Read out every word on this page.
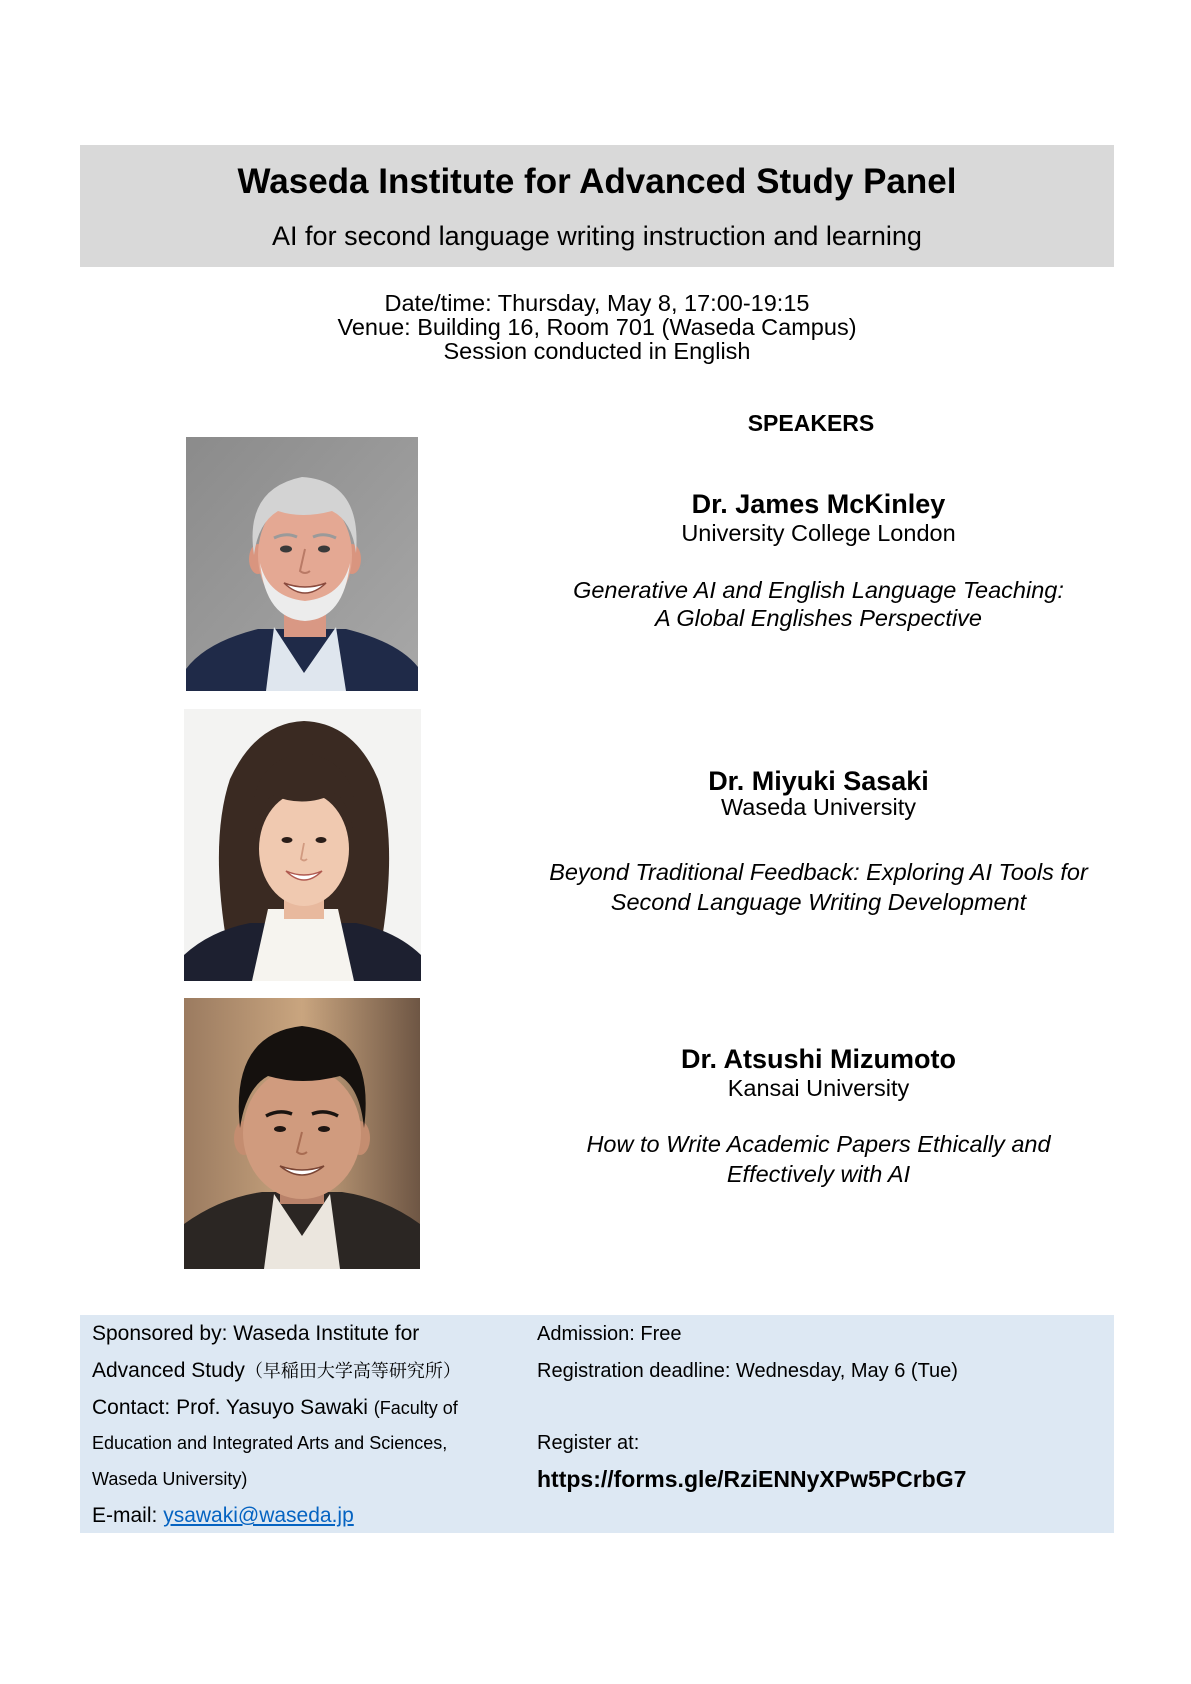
Waseda Institute for Advanced Study Panel
AI for second language writing instruction and learning
Date/time: Thursday, May 8, 17:00-19:15
Venue: Building 16, Room 701 (Waseda Campus)
Session conducted in English
SPEAKERS
Dr. James McKinley
University College London
Generative AI and English Language Teaching:
A Global Englishes Perspective
Dr. Miyuki Sasaki
Waseda University
Beyond Traditional Feedback: Exploring AI Tools for
Second Language Writing Development
Dr. Atsushi Mizumoto
Kansai University
How to Write Academic Papers Ethically and
Effectively with AI
Sponsored by: Waseda Institute for
Advanced Study（早稲田大学高等研究所）
Contact: Prof. Yasuyo Sawaki (Faculty of
Education and Integrated Arts and Sciences,
Waseda University)
E-mail: ysawaki@waseda.jp
Admission: Free
Registration deadline: Wednesday, May 6 (Tue)
Register at:
https://forms.gle/RziENNyXPw5PCrbG7
